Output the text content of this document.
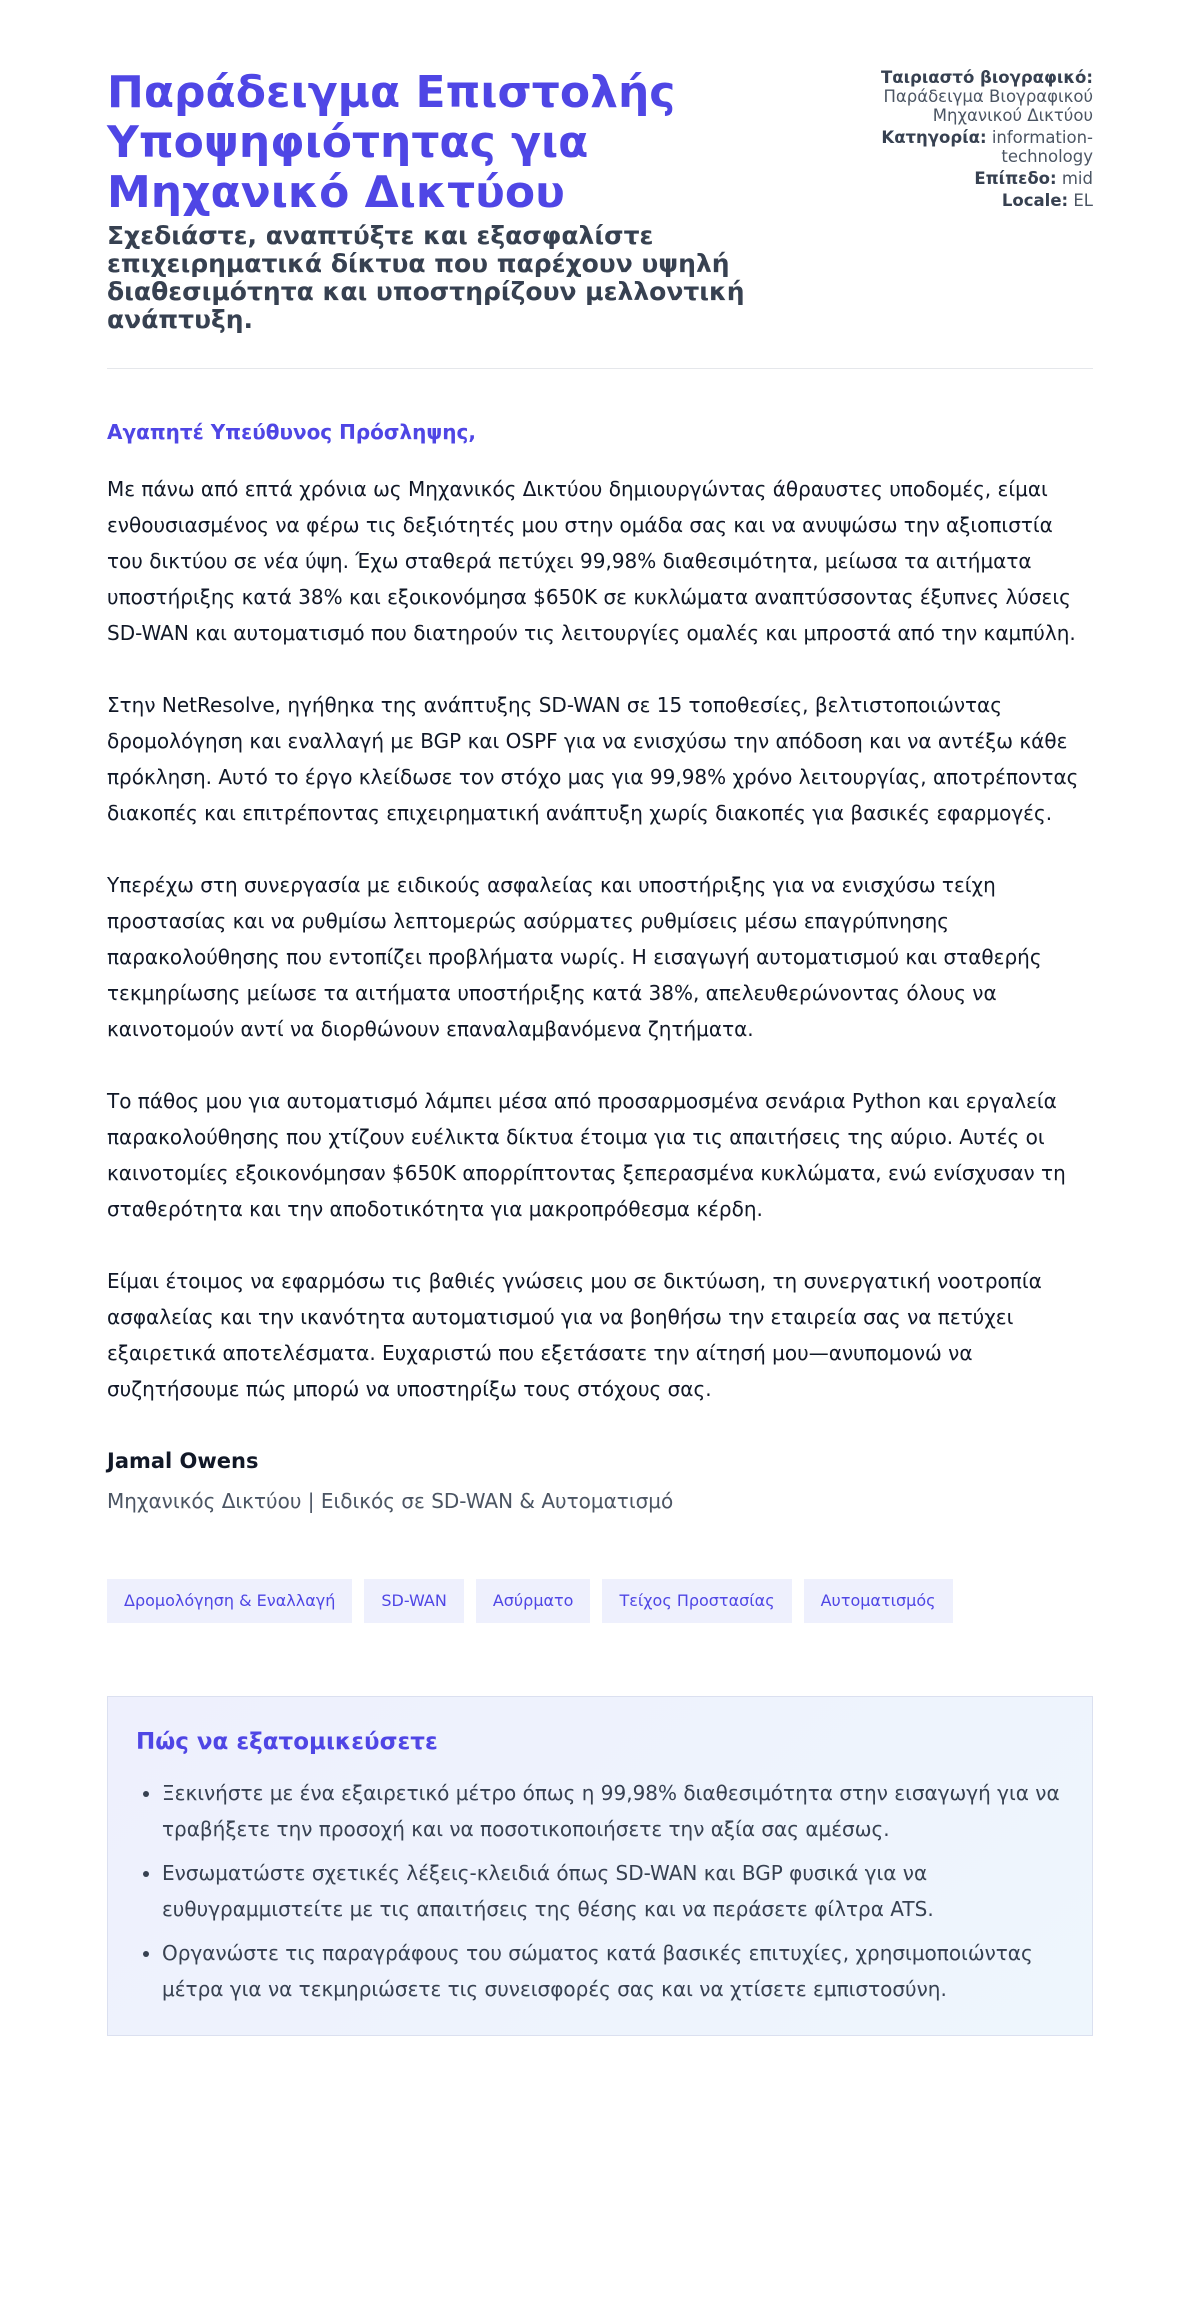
Παράδειγμα Επιστολής Υποψηφιότητας για Μηχανικό Δικτύου
Σχεδιάστε, αναπτύξτε και εξασφαλίστε επιχειρηματικά δίκτυα που παρέχουν υψηλή διαθεσιμότητα και υποστηρίζουν μελλοντική ανάπτυξη.
Ταιριαστό βιογραφικό: Παράδειγμα Βιογραφικού Μηχανικού Δικτύου
Κατηγορία: information-technology
Επίπεδο: mid
Locale: EL
Αγαπητέ Υπεύθυνος Πρόσληψης,

Με πάνω από επτά χρόνια ως Μηχανικός Δικτύου δημιουργώντας άθραυστες υποδομές, είμαι ενθουσιασμένος να φέρω τις δεξιότητές μου στην ομάδα σας και να ανυψώσω την αξιοπιστία του δικτύου σε νέα ύψη. Έχω σταθερά πετύχει 99,98% διαθεσιμότητα, μείωσα τα αιτήματα υποστήριξης κατά 38% και εξοικονόμησα $650K σε κυκλώματα αναπτύσσοντας έξυπνες λύσεις SD-WAN και αυτοματισμό που διατηρούν τις λειτουργίες ομαλές και μπροστά από την καμπύλη.

Στην NetResolve, ηγήθηκα της ανάπτυξης SD-WAN σε 15 τοποθεσίες, βελτιστοποιώντας δρομολόγηση και εναλλαγή με BGP και OSPF για να ενισχύσω την απόδοση και να αντέξω κάθε πρόκληση. Αυτό το έργο κλείδωσε τον στόχο μας για 99,98% χρόνο λειτουργίας, αποτρέποντας διακοπές και επιτρέποντας επιχειρηματική ανάπτυξη χωρίς διακοπές για βασικές εφαρμογές.

Υπερέχω στη συνεργασία με ειδικούς ασφαλείας και υποστήριξης για να ενισχύσω τείχη προστασίας και να ρυθμίσω λεπτομερώς ασύρματες ρυθμίσεις μέσω επαγρύπνησης παρακολούθησης που εντοπίζει προβλήματα νωρίς. Η εισαγωγή αυτοματισμού και σταθερής τεκμηρίωσης μείωσε τα αιτήματα υποστήριξης κατά 38%, απελευθερώνοντας όλους να καινοτομούν αντί να διορθώνουν επαναλαμβανόμενα ζητήματα.

Το πάθος μου για αυτοματισμό λάμπει μέσα από προσαρμοσμένα σενάρια Python και εργαλεία παρακολούθησης που χτίζουν ευέλικτα δίκτυα έτοιμα για τις απαιτήσεις της αύριο. Αυτές οι καινοτομίες εξοικονόμησαν $650K απορρίπτοντας ξεπερασμένα κυκλώματα, ενώ ενίσχυσαν τη σταθερότητα και την αποδοτικότητα για μακροπρόθεσμα κέρδη.

Είμαι έτοιμος να εφαρμόσω τις βαθιές γνώσεις μου σε δικτύωση, τη συνεργατική νοοτροπία ασφαλείας και την ικανότητα αυτοματισμού για να βοηθήσω την εταιρεία σας να πετύχει εξαιρετικά αποτελέσματα. Ευχαριστώ που εξετάσατε την αίτησή μου—ανυπομονώ να συζητήσουμε πώς μπορώ να υποστηρίξω τους στόχους σας.

Jamal Owens
Μηχανικός Δικτύου | Ειδικός σε SD-WAN & Αυτοματισμό
Δρομολόγηση & Εναλλαγή	SD-WAN	Ασύρματο	Τείχος Προστασίας	Αυτοματισμός
Πώς να εξατομικεύσετε
• Ξεκινήστε με ένα εξαιρετικό μέτρο όπως η 99,98% διαθεσιμότητα στην εισαγωγή για να τραβήξετε την προσοχή και να ποσοτικοποιήσετε την αξία σας αμέσως.
• Ενσωματώστε σχετικές λέξεις-κλειδιά όπως SD-WAN και BGP φυσικά για να ευθυγραμμιστείτε με τις απαιτήσεις της θέσης και να περάσετε φίλτρα ATS.
• Οργανώστε τις παραγράφους του σώματος κατά βασικές επιτυχίες, χρησιμοποιώντας μέτρα για να τεκμηριώσετε τις συνεισφορές σας και να χτίσετε εμπιστοσύνη.
